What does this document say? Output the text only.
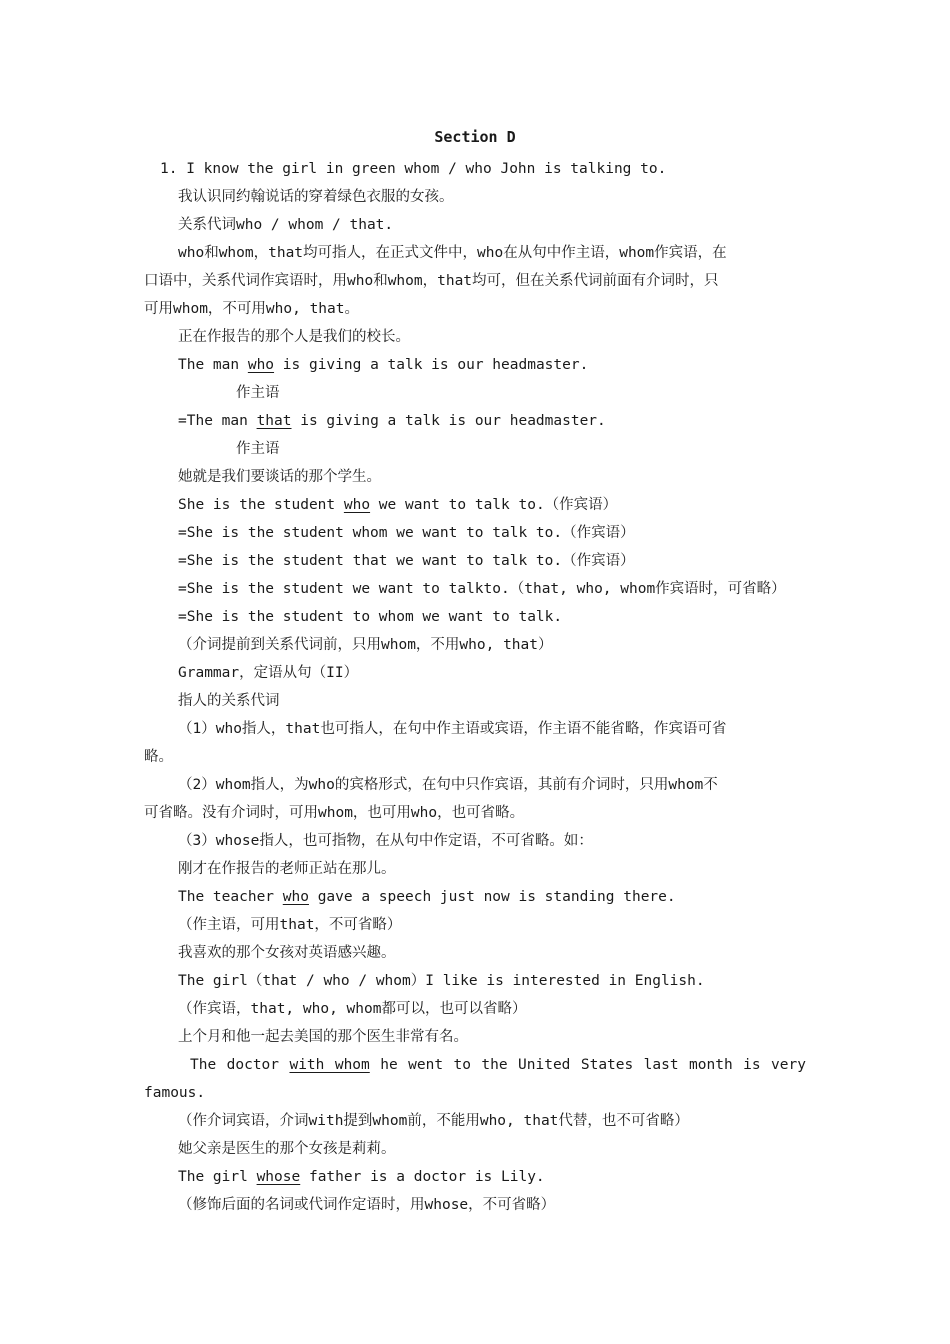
Section D
1. I know the girl in green whom / who John is talking to.
我认识同约翰说话的穿着绿色衣服的女孩。
关系代词who / whom / that.
who和whom，that均可指人，在正式文件中，who在从句中作主语，whom作宾语，在
口语中，关系代词作宾语时，用who和whom，that均可，但在关系代词前面有介词时，只
可用whom，不可用who, that。
正在作报告的那个人是我们的校长。
The man who is giving a talk is our headmaster.
作主语
=The man that is giving a talk is our headmaster.
作主语
她就是我们要谈话的那个学生。
She is the student who we want to talk to.（作宾语）
=She is the student whom we want to talk to.（作宾语）
=She is the student that we want to talk to.（作宾语）
=She is the student we want to talkto.（that, who, whom作宾语时，可省略）
=She is the student to whom we want to talk.
（介词提前到关系代词前，只用whom，不用who, that）
Grammar，定语从句（II）
指人的关系代词
（1）who指人，that也可指人，在句中作主语或宾语，作主语不能省略，作宾语可省
略。
（2）whom指人，为who的宾格形式，在句中只作宾语，其前有介词时，只用whom不
可省略。没有介词时，可用whom，也可用who，也可省略。
（3）whose指人，也可指物，在从句中作定语，不可省略。如：
刚才在作报告的老师正站在那儿。
The teacher who gave a speech just now is standing there.
（作主语，可用that，不可省略）
我喜欢的那个女孩对英语感兴趣。
The girl（that / who / whom）I like is interested in English.
（作宾语，that, who, whom都可以，也可以省略）
上个月和他一起去美国的那个医生非常有名。
The doctor with whom he went to the United States last month is very
famous.
（作介词宾语，介词with提到whom前，不能用who, that代替，也不可省略）
她父亲是医生的那个女孩是莉莉。
The girl whose father is a doctor is Lily.
（修饰后面的名词或代词作定语时，用whose，不可省略）
